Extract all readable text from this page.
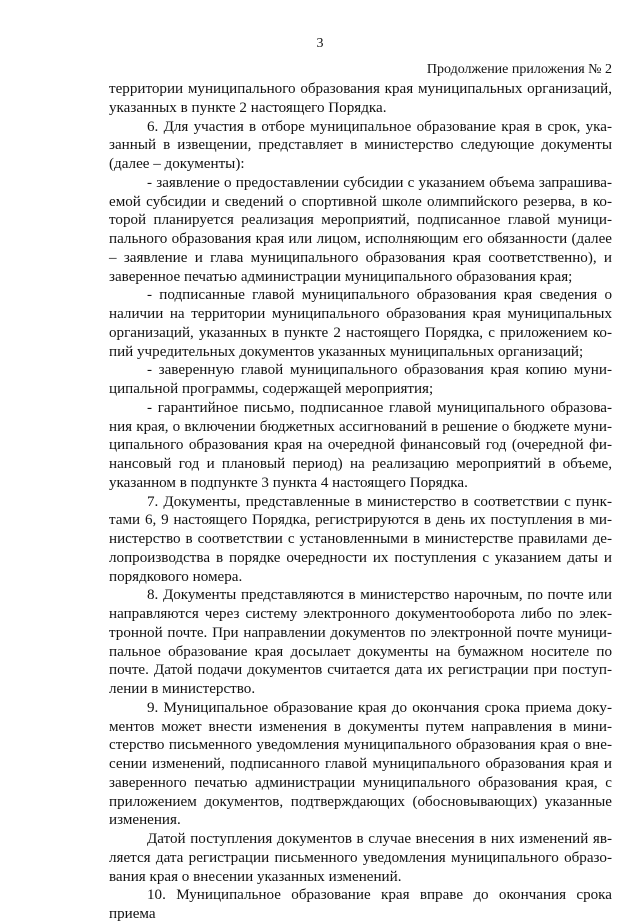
3
Продолжение приложения № 2

территории муниципального образования края муниципальных организаций, указанных в пункте 2 настоящего Порядка.

6. Для участия в отборе муниципальное образование края в срок, указанный в извещении, представляет в министерство следующие документы (далее – документы):

- заявление о предоставлении субсидии с указанием объема запрашиваемой субсидии и сведений о спортивной школе олимпийского резерва, в которой планируется реализация мероприятий, подписанное главой муниципального образования края или лицом, исполняющим его обязанности (далее – заявление и глава муниципального образования края соответственно), и заверенное печатью администрации муниципального образования края;

- подписанные главой муниципального образования края сведения о наличии на территории муниципального образования края муниципальных организаций, указанных в пункте 2 настоящего Порядка, с приложением копий учредительных документов указанных муниципальных организаций;

- заверенную главой муниципального образования края копию муниципальной программы, содержащей мероприятия;

- гарантийное письмо, подписанное главой муниципального образования края, о включении бюджетных ассигнований в решение о бюджете муниципального образования края на очередной финансовый год (очередной финансовый год и плановый период) на реализацию мероприятий в объеме, указанном в подпункте 3 пункта 4 настоящего Порядка.

7. Документы, представленные в министерство в соответствии с пунктами 6, 9 настоящего Порядка, регистрируются в день их поступления в министерство в соответствии с установленными в министерстве правилами делопроизводства в порядке очередности их поступления с указанием даты и порядкового номера.

8. Документы представляются в министерство нарочным, по почте или направляются через систему электронного документооборота либо по электронной почте. При направлении документов по электронной почте муниципальное образование края досылает документы на бумажном носителе по почте. Датой подачи документов считается дата их регистрации при поступлении в министерство.

9. Муниципальное образование края до окончания срока приема документов может внести изменения в документы путем направления в министерство письменного уведомления муниципального образования края о внесении изменений, подписанного главой муниципального образования края и заверенного печатью администрации муниципального образования края, с приложением документов, подтверждающих (обосновывающих) указанные изменения.

Датой поступления документов в случае внесения в них изменений является дата регистрации письменного уведомления муниципального образования края о внесении указанных изменений.

10. Муниципальное образование края вправе до окончания срока приема
